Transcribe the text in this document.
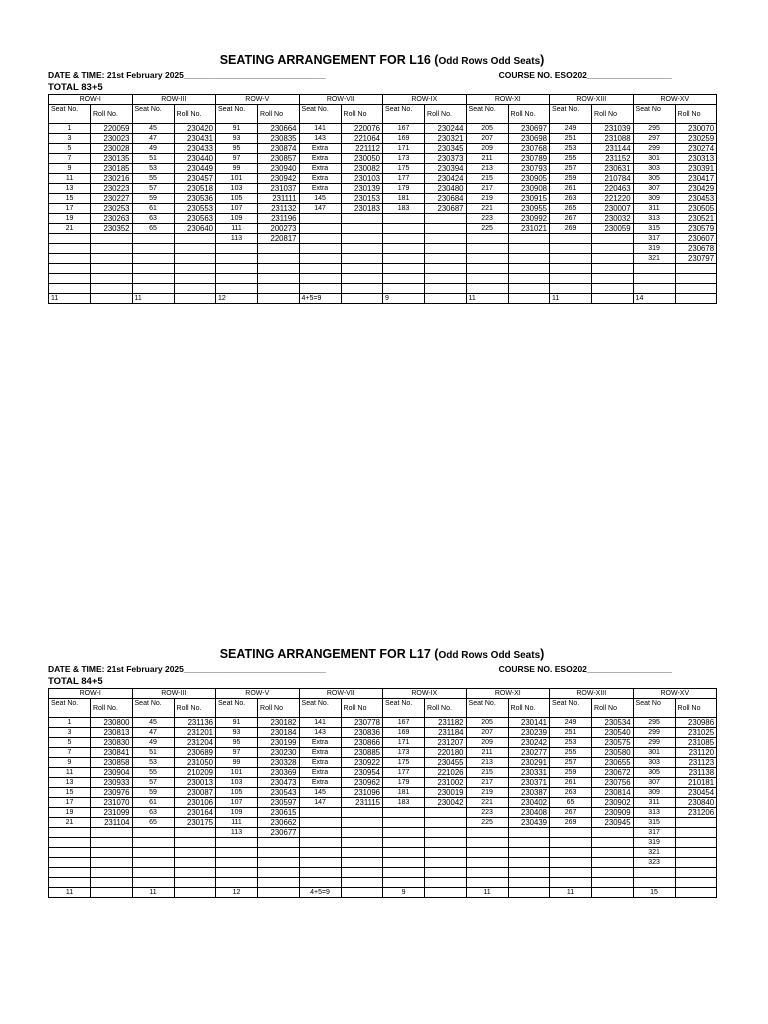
SEATING ARRANGEMENT FOR L16 (Odd Rows Odd Seats)
DATE & TIME: 21st February 2025______________________________	COURSE NO. ESO202__________________
TOTAL 83+5
ROW-I		ROW-III		ROW-V		ROW-VII		ROW-IX		ROW-XI		ROW-XIII		ROW-XV	
Seat No.	Roll No.	Seat No.	Roll No.	Seat No.	Roll No	Seat No.	Roll No	Seat No.	Roll No.	Seat No.	Roll No.	Seat No.	Roll No	Seat No	Roll No
1	220059	45	230420	91	230664	141	220076	167	230244	205	230697	249	231039	295	230070
3	230023	47	230431	93	230835	143	221064	169	230321	207	230698	251	231088	297	230259
5	230028	49	230433	95	230874	Extra	221112	171	230345	209	230768	253	231144	299	230274
7	230135	51	230440	97	230857	Extra	230050	173	230373	211	230789	255	231152	301	230313
9	230185	53	230449	99	230940	Extra	230082	175	230394	213	230793	257	230631	303	230391
11	230216	55	230457	101	230942	Extra	230103	177	230424	215	230905	259	210784	305	230417
13	230223	57	230518	103	231037	Extra	230139	179	230480	217	230908	261	220463	307	230429
15	230227	59	230536	105	231111	145	230153	181	230684	219	230915	263	221220	309	230453
17	230253	61	230553	107	231132	147	230183	183	230687	221	230955	265	230007	311	230505
19	230263	63	230563	109	231196					223	230992	267	230032	313	230521
21	230352	65	230640	111	200273					225	231021	269	230059	315	230579
				113	220817									317	230607
														319	230678
														321	230797

11		11		12		4+5=9		9		11		11		14	
SEATING ARRANGEMENT FOR L17 (Odd Rows Odd Seats)
DATE & TIME: 21st February 2025______________________________	COURSE NO. ESO202__________________
TOTAL 84+5
ROW-I		ROW-III		ROW-V		ROW-VII		ROW-IX		ROW-XI		ROW-XIII		ROW-XV	
Seat No.	Roll No.	Seat No.	Roll No.	Seat No.	Roll No	Seat No.	Roll No	Seat No.	Roll No.	Seat No.	Roll No.	Seat No.	Roll No	Seat No	Roll No
1	230800	45	231136	91	230182	141	230778	167	231182	205	230141	249	230534	295	230986
3	230813	47	231201	93	230184	143	230836	169	231184	207	230239	251	230540	299	231025
5	230830	49	231204	95	230199	Extra	230866	171	231207	209	230242	253	230575	299	231085
7	230841	51	230689	97	230230	Extra	230885	173	220180	211	230277	255	230580	301	231120
9	230858	53	231050	99	230328	Extra	230922	175	230455	213	230291	257	230655	303	231123
11	230904	55	210209	101	230369	Extra	230954	177	221026	215	230331	259	230672	305	231138
13	230933	57	230013	103	230473	Extra	230962	179	231002	217	230371	261	230756	307	210181
15	230976	59	230087	105	230543	145	231096	181	230019	219	230387	263	230814	309	230454
17	231070	61	230106	107	230597	147	231115	183	230042	221	230402	65	230902	311	230840
19	231099	63	230164	109	230615					223	230408	267	230909	313	231206
21	231104	65	230175	111	230662					225	230439	269	230945	315	
				113	230677									317	
														319	
														321	
														323	

11		11		12		4+5=9		9		11		11		15	
